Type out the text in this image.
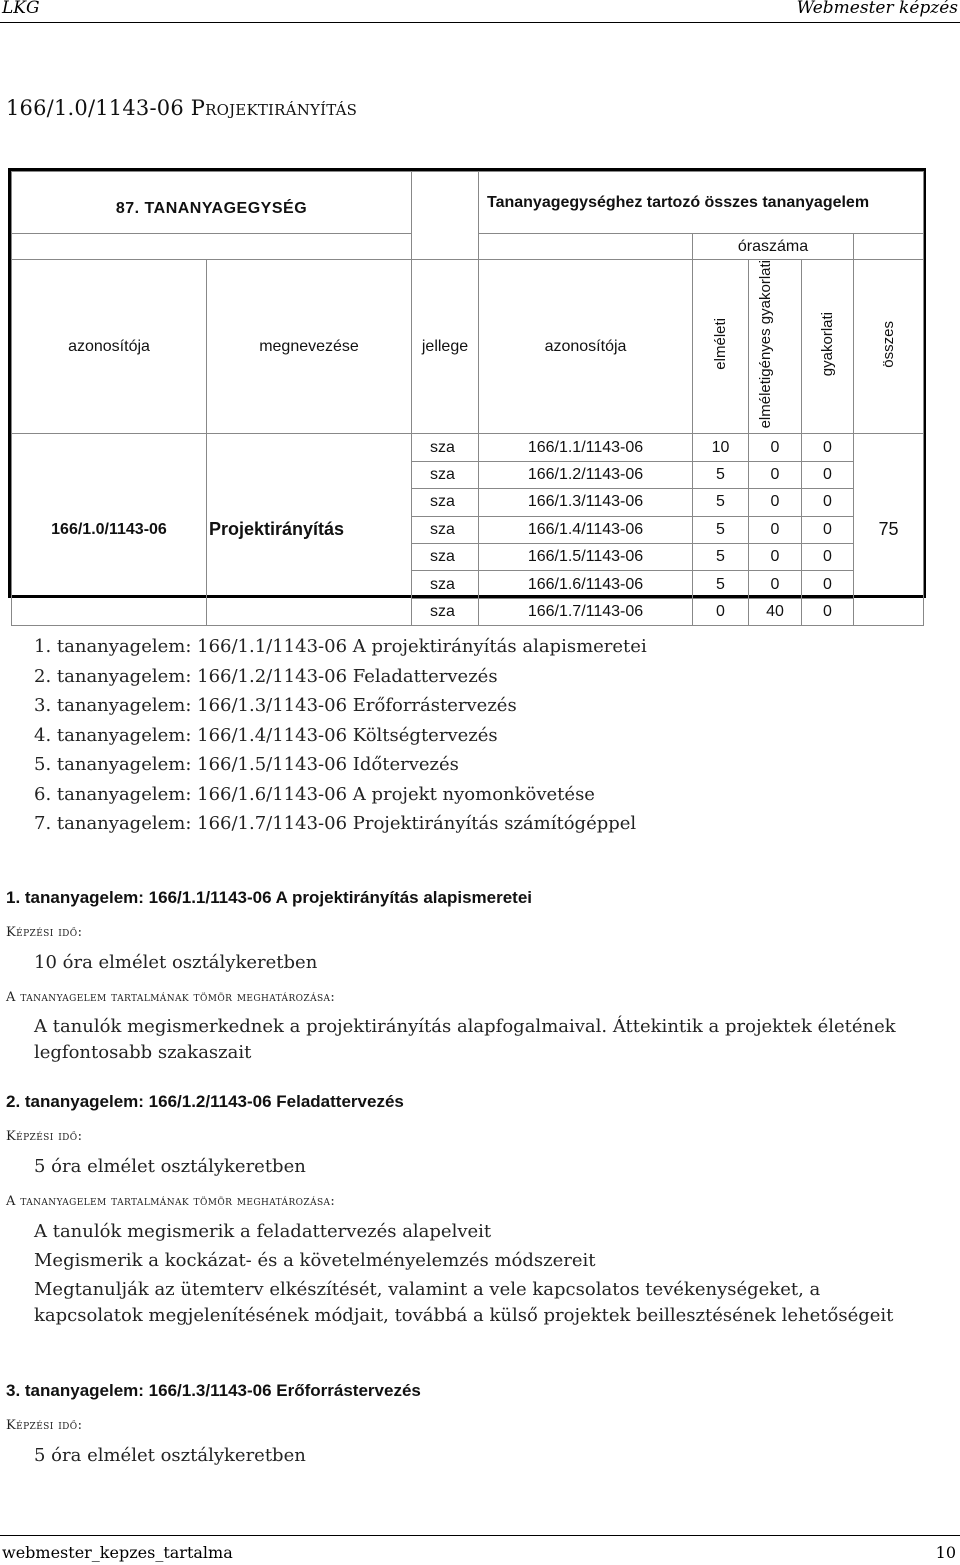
LKG	Webmester képzés
166/1.0/1143-06 Projektirányítás
87. TANANYAGEGYSÉG			Tananyagegységhez tartozó összes tananyagelem				
				óraszáma			
azonosítója	megnevezése	jellege	azonosítója	elméleti	elméletigényes gyakorlati	gyakorlati	összes
166/1.0/1143-06	Projektirányítás	sza	166/1.1/1143-06	10	0	0	75
		sza	166/1.2/1143-06	5	0	0	
		sza	166/1.3/1143-06	5	0	0	
		sza	166/1.4/1143-06	5	0	0	
		sza	166/1.5/1143-06	5	0	0	
		sza	166/1.6/1143-06	5	0	0	
		sza	166/1.7/1143-06	0	40	0	
1. tananyagelem: 166/1.1/1143-06 A projektirányítás alapismeretei
2. tananyagelem: 166/1.2/1143-06 Feladattervezés
3. tananyagelem: 166/1.3/1143-06 Erőforrástervezés
4. tananyagelem: 166/1.4/1143-06 Költségtervezés
5. tananyagelem: 166/1.5/1143-06 Időtervezés
6. tananyagelem: 166/1.6/1143-06 A projekt nyomonkövetése
7. tananyagelem: 166/1.7/1143-06 Projektirányítás számítógéppel
1. tananyagelem: 166/1.1/1143-06 A projektirányítás alapismeretei
Képzési idő:
10 óra elmélet osztálykeretben
A tananyagelem tartalmának tömör meghatározása:
A tanulók megismerkednek a projektirányítás alapfogalmaival. Áttekintik a projektek életének legfontosabb szakaszait
2. tananyagelem: 166/1.2/1143-06 Feladattervezés
Képzési idő:
5 óra elmélet osztálykeretben
A tananyagelem tartalmának tömör meghatározása:
A tanulók megismerik a feladattervezés alapelveit
Megismerik a kockázat- és a követelményelemzés módszereit
Megtanulják az ütemterv elkészítését, valamint a vele kapcsolatos tevékenységeket, a kapcsolatok megjelenítésének módjait, továbbá a külső projektek beillesztésének lehetőségeit
3. tananyagelem: 166/1.3/1143-06 Erőforrástervezés
Képzési idő:
5 óra elmélet osztálykeretben
webmester_kepzes_tartalma	10
